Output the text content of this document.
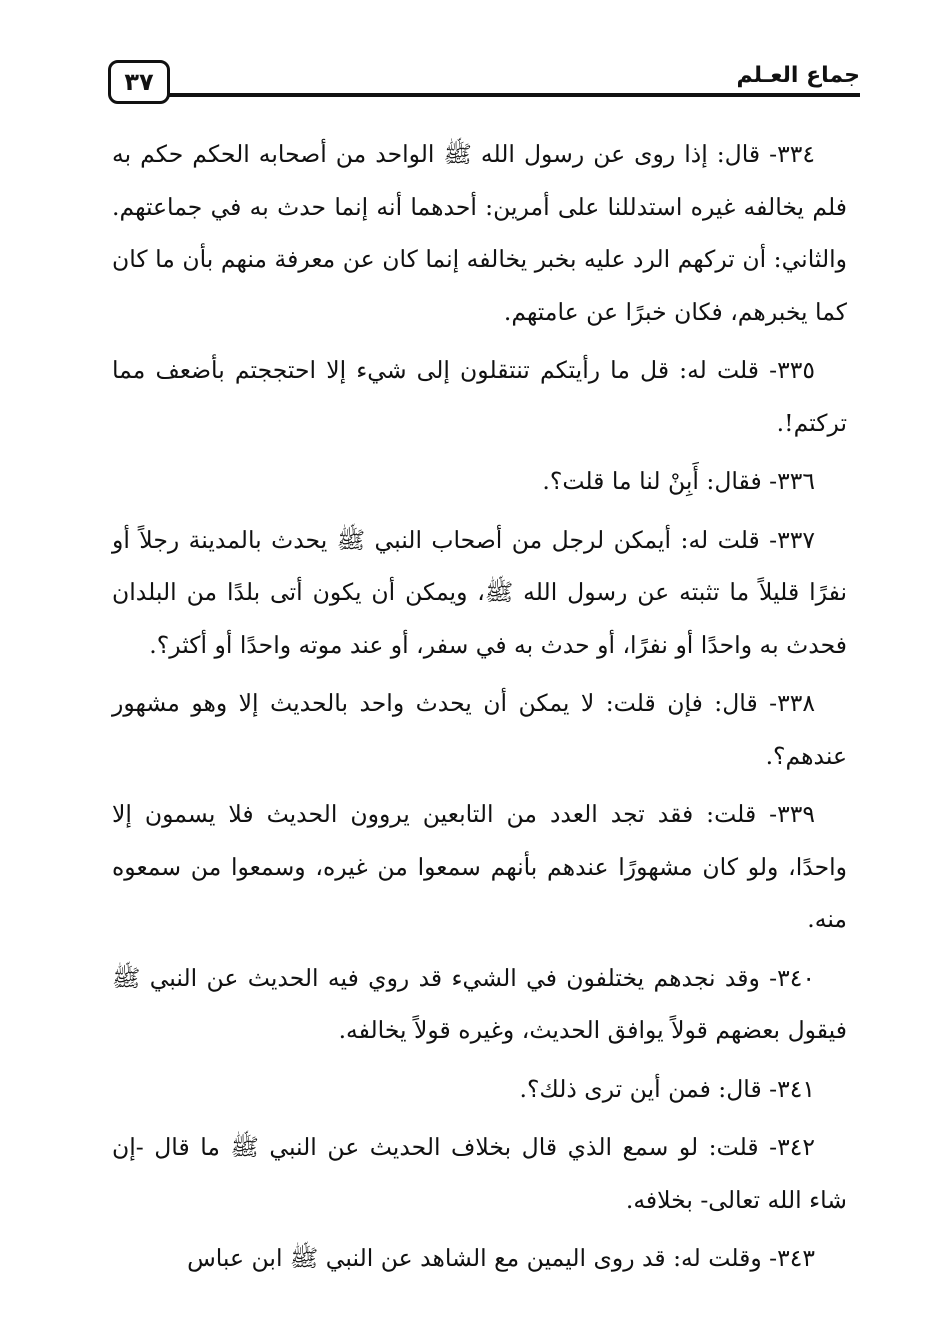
جماع العـلم
٣٧

٣٣٤- قال: إذا روى عن رسول الله ﷺ الواحد من أصحابه الحكم حكم به فلم يخالفه غيره استدللنا على أمرين: أحدهما أنه إنما حدث به في جماعتهم. والثاني: أن تركهم الرد عليه بخبر يخالفه إنما كان عن معرفة منهم بأن ما كان كما يخبرهم، فكان خبرًا عن عامتهم.

٣٣٥- قلت له: قل ما رأيتكم تنتقلون إلى شيء إلا احتججتم بأضعف مما تركتم!.

٣٣٦- فقال: أَبِنْ لنا ما قلت؟.

٣٣٧- قلت له: أيمكن لرجل من أصحاب النبي ﷺ يحدث بالمدينة رجلاً أو نفرًا قليلاً ما تثبته عن رسول الله ﷺ، ويمكن أن يكون أتى بلدًا من البلدان فحدث به واحدًا أو نفرًا، أو حدث به في سفر، أو عند موته واحدًا أو أكثر؟.

٣٣٨- قال: فإن قلت: لا يمكن أن يحدث واحد بالحديث إلا وهو مشهور عندهم؟.

٣٣٩- قلت: فقد تجد العدد من التابعين يروون الحديث فلا يسمون إلا واحدًا، ولو كان مشهورًا عندهم بأنهم سمعوا من غيره، وسمعوا من سمعوه منه.

٣٤٠- وقد نجدهم يختلفون في الشيء قد روي فيه الحديث عن النبي ﷺ فيقول بعضهم قولاً يوافق الحديث، وغيره قولاً يخالفه.

٣٤١- قال: فمن أين ترى ذلك؟.

٣٤٢- قلت: لو سمع الذي قال بخلاف الحديث عن النبي ﷺ ما قال -إن شاء الله تعالى- بخلافه.

٣٤٣- وقلت له: قد روى اليمين مع الشاهد عن النبي ﷺ ابن عباس
